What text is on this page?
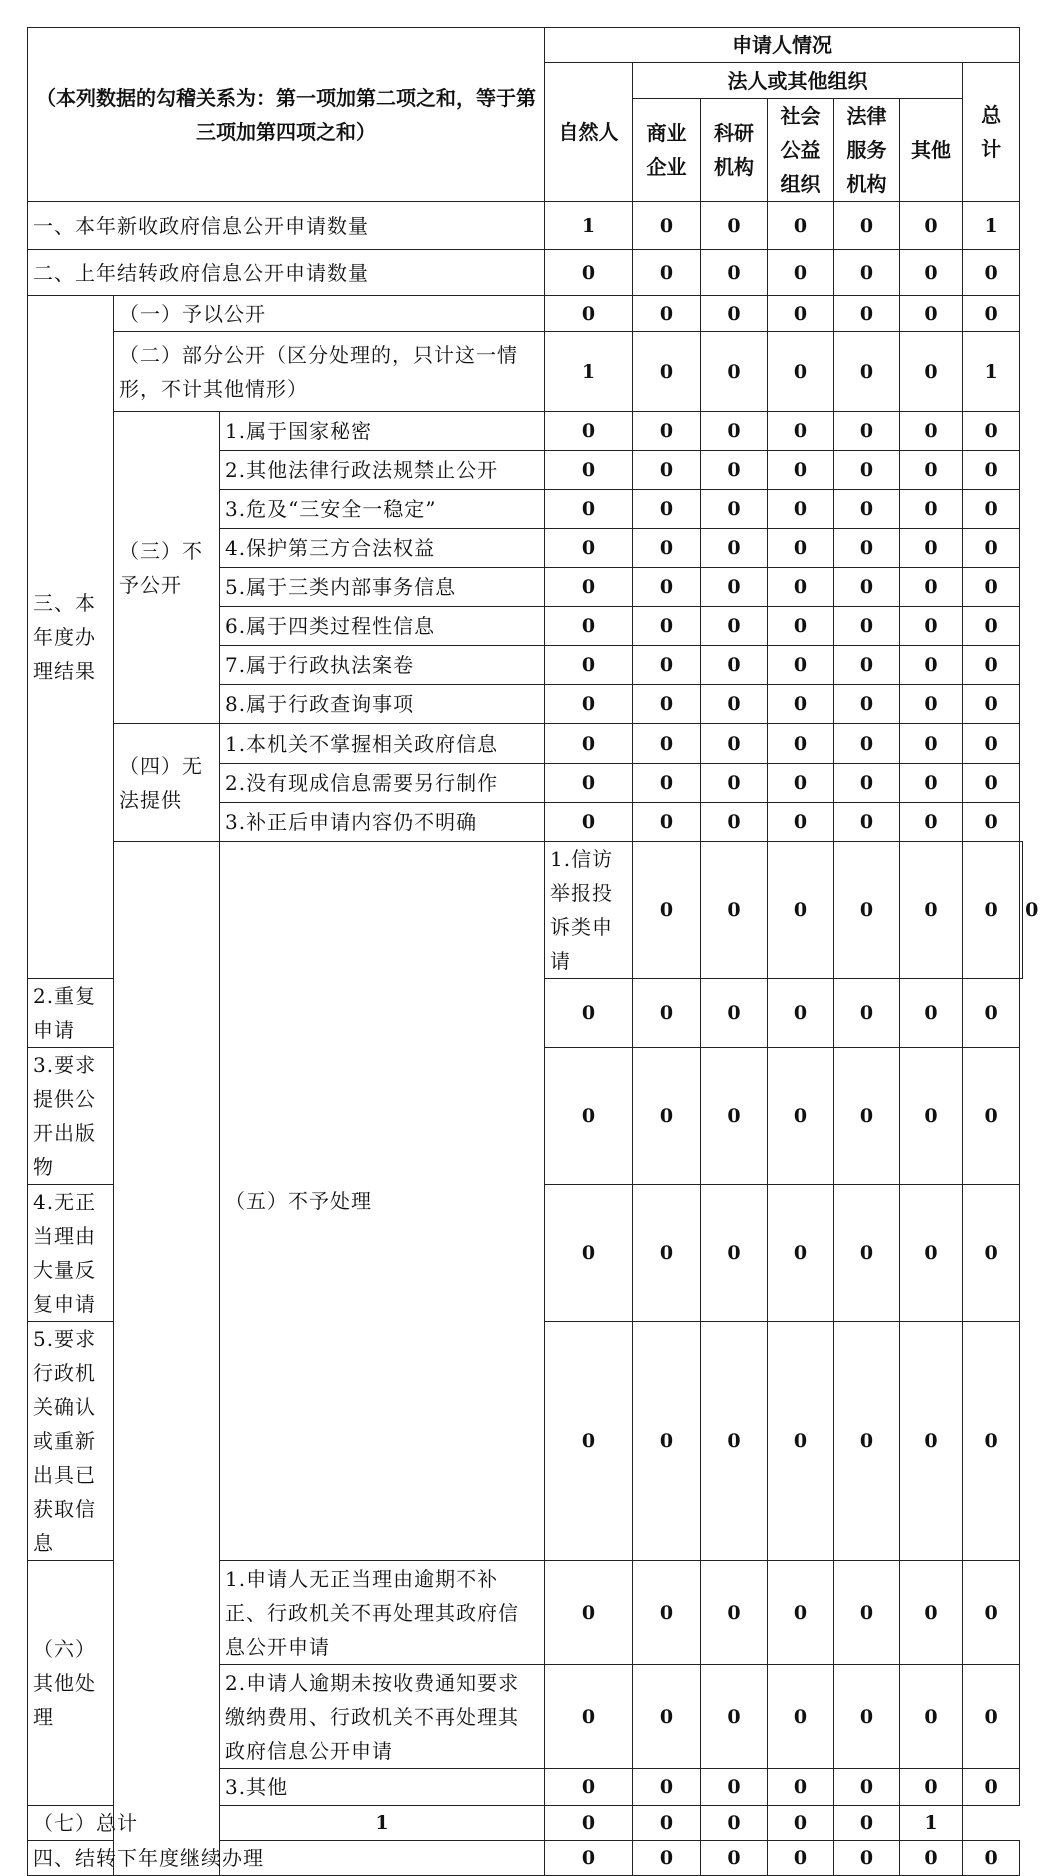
（本列数据的勾稽关系为：第一项加第二项之和，等于第三项加第四项之和）			申请人情况							
			自然人	法人或其他组织					总计	

				商业企业	科研机构	社会公益组织	法律服务机构	其他		
一、本年新收政府信息公开申请数量			1	0	0	0	0	0	1	
二、上年结转政府信息公开申请数量			0	0	0	0	0	0	0	
三、本年度办理结果	（一）予以公开		0	0	0	0	0	0	0	
	（二）部分公开（区分处理的，只计这一情形，不计其他情形）		1	0	0	0	0	0	1	
	（三）不予公开	1.属于国家秘密	0	0	0	0	0	0	0	
		2.其他法律行政法规禁止公开	0	0	0	0	0	0	0	
		3.危及“三安全一稳定”	0	0	0	0	0	0	0	
		4.保护第三方合法权益	0	0	0	0	0	0	0	
		5.属于三类内部事务信息	0	0	0	0	0	0	0	
		6.属于四类过程性信息	0	0	0	0	0	0	0	
		7.属于行政执法案卷	0	0	0	0	0	0	0	
		8.属于行政查询事项	0	0	0	0	0	0	0	
	（四）无法提供	1.本机关不掌握相关政府信息	0	0	0	0	0	0	0	
		2.没有现成信息需要另行制作	0	0	0	0	0	0	0	
		3.补正后申请内容仍不明确	0	0	0	0	0	0	0	
		（五）不予处理	1.信访举报投诉类申请	0	0	0	0	0	0	0
2.重复申请			0	0	0	0	0	0	0	
3.要求提供公开出版物			0	0	0	0	0	0	0	
4.无正当理由大量反复申请			0	0	0	0	0	0	0	
5.要求行政机关确认或重新出具已获取信息			0	0	0	0	0	0	0	
（六）其他处理		1.申请人无正当理由逾期不补正、行政机关不再处理其政府信息公开申请	0	0	0	0	0	0	0	
		2.申请人逾期未按收费通知要求缴纳费用、行政机关不再处理其政府信息公开申请	0	0	0	0	0	0	0	
		3.其他	0	0	0	0	0	0	0	
（七）总计		1	0	0	0	0	0	1		
四、结转下年度继续办理			0	0	0	0	0	0	0	
